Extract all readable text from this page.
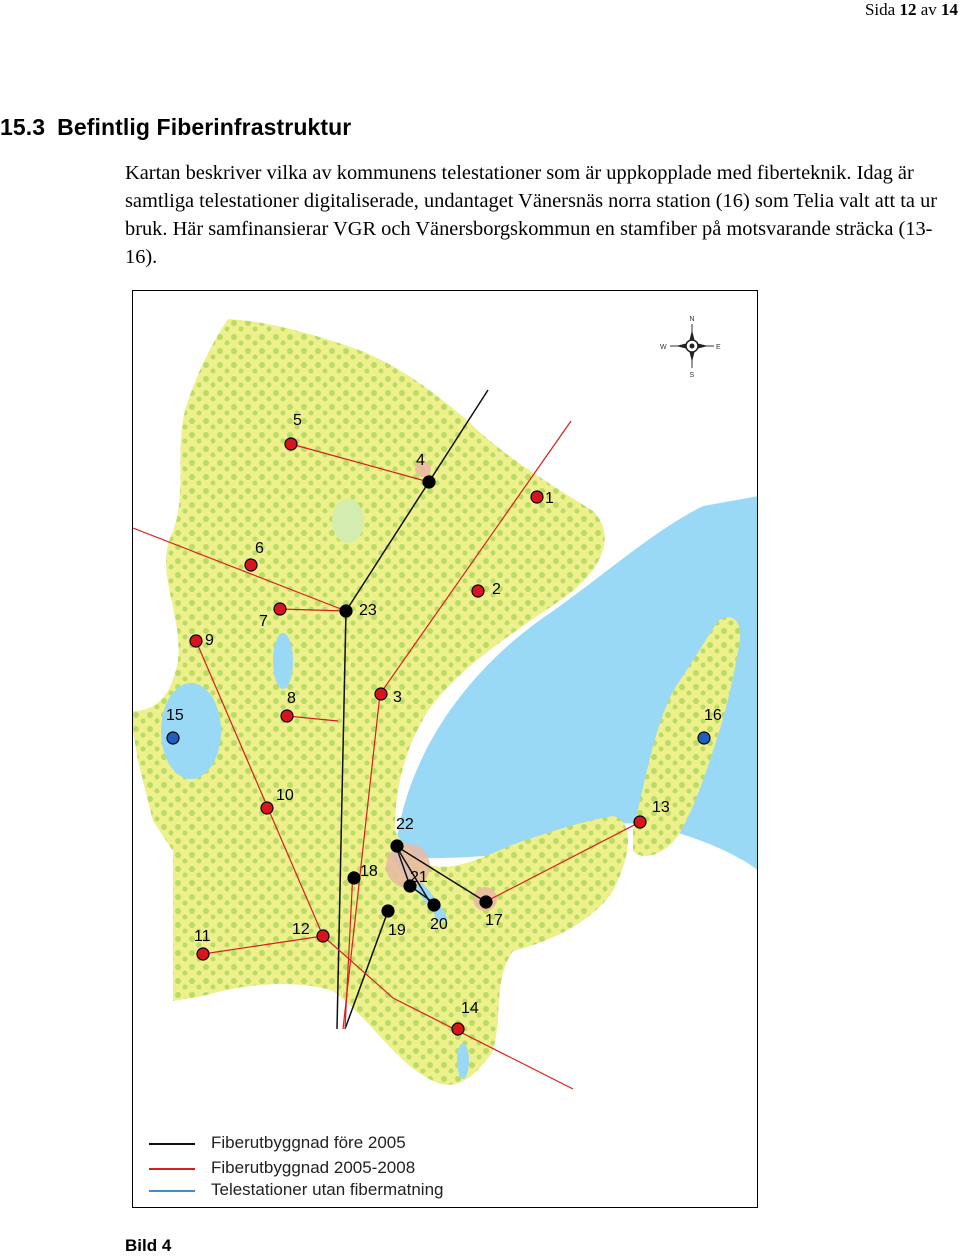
Sida 12 av 14
15.3 Befintlig Fiberinfrastruktur

Kartan beskriver vilka av kommunens telestationer som är uppkopplade med fiberteknik. Idag är samtliga telestationer digitaliserade, undantaget Vänersnäs norra station (16) som Telia valt att ta ur bruk. Här samfinansierar VGR och Vänersborgskommun en stamfiber på motsvarande sträcka (13-16).

N
S
E
W
1
2
3
4
5
6
7
8
9
10
11	12
13
14
15	16
17
18
19 20
21
22
23
Fiberutbyggnad före 2005
Fiberutbyggnad 2005-2008
Telestationer utan fibermatning
Bild 4
